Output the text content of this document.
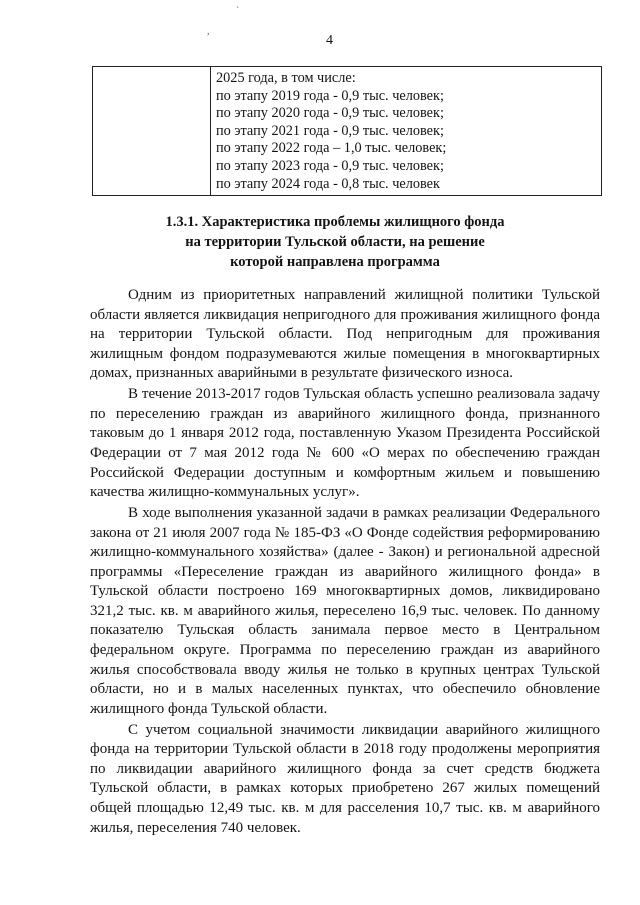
`
,
4

2025 года, в том числе:
по этапу 2019 года - 0,9 тыс. человек;
по этапу 2020 года - 0,9 тыс. человек;
по этапу 2021 года - 0,9 тыс. человек;
по этапу 2022 года – 1,0 тыс. человек;
по этапу 2023 года - 0,9 тыс. человек;
по этапу 2024 года - 0,8 тыс. человек
1.3.1. Характеристика проблемы жилищного фонда
на территории Тульской области, на решение
которой направлена программа

Одним из приоритетных направлений жилищной политики Тульской области является ликвидация непригодного для проживания жилищного фонда на территории Тульской области. Под непригодным для проживания жилищным фондом подразумеваются жилые помещения в многоквартирных домах, признанных аварийными в результате физического износа.

В течение 2013-2017 годов Тульская область успешно реализовала задачу по переселению граждан из аварийного жилищного фонда, признанного таковым до 1 января 2012 года, поставленную Указом Президента Российской Федерации от 7 мая 2012 года № 600 «О мерах по обеспечению граждан Российской Федерации доступным и комфортным жильем и повышению качества жилищно-коммунальных услуг».

В ходе выполнения указанной задачи в рамках реализации Федерального закона от 21 июля 2007 года № 185-ФЗ «О Фонде содействия реформированию жилищно-коммунального хозяйства» (далее - Закон) и региональной адресной программы «Переселение граждан из аварийного жилищного фонда» в Тульской области построено 169 многоквартирных домов, ликвидировано 321,2 тыс. кв. м аварийного жилья, переселено 16,9 тыс. человек. По данному показателю Тульская область занимала первое место в Центральном федеральном округе. Программа по переселению граждан из аварийного жилья способствовала вводу жилья не только в крупных центрах Тульской области, но и в малых населенных пунктах, что обеспечило обновление жилищного фонда Тульской области.

С учетом социальной значимости ликвидации аварийного жилищного фонда на территории Тульской области в 2018 году продолжены мероприятия по ликвидации аварийного жилищного фонда за счет средств бюджета Тульской области, в рамках которых приобретено 267 жилых помещений общей площадью 12,49 тыс. кв. м для расселения 10,7 тыс. кв. м аварийного жилья, переселения 740 человек.
